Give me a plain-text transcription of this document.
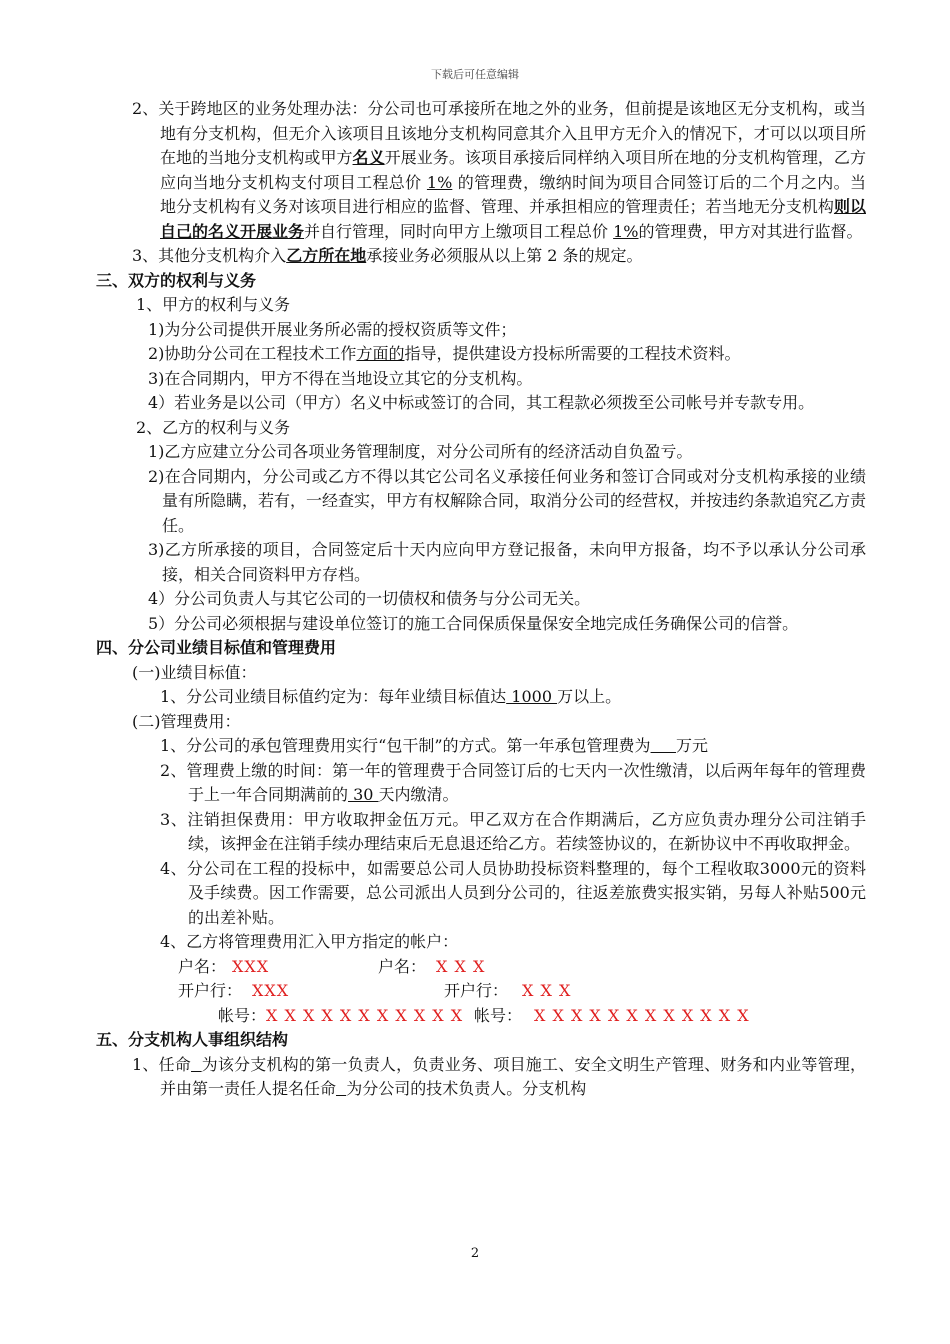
下载后可任意编辑
2、关于跨地区的业务处理办法：分公司也可承接所在地之外的业务，但前提是该地区无分支机构，或当地有分支机构，但无介入该项目且该地分支机构同意其介入且甲方无介入的情况下，才可以以项目所在地的当地分支机构或甲方名义开展业务。该项目承接后同样纳入项目所在地的分支机构管理，乙方应向当地分支机构支付项目工程总价 1% 的管理费，缴纳时间为项目合同签订后的二个月之内。当地分支机构有义务对该项目进行相应的监督、管理、并承担相应的管理责任；若当地无分支机构则以自己的名义开展业务并自行管理，同时向甲方上缴项目工程总价 1%的管理费，甲方对其进行监督。
3、其他分支机构介入乙方所在地承接业务必须服从以上第 2 条的规定。
三、双方的权利与义务
1、甲方的权利与义务
1)为分公司提供开展业务所必需的授权资质等文件；
2)协助分公司在工程技术工作方面的指导，提供建设方投标所需要的工程技术资料。
3)在合同期内，甲方不得在当地设立其它的分支机构。
4）若业务是以公司（甲方）名义中标或签订的合同，其工程款必须拨至公司帐号并专款专用。
2、乙方的权利与义务
1)乙方应建立分公司各项业务管理制度，对分公司所有的经济活动自负盈亏。
2)在合同期内，分公司或乙方不得以其它公司名义承接任何业务和签订合同或对分支机构承接的业绩量有所隐瞒，若有，一经查实，甲方有权解除合同，取消分公司的经营权，并按违约条款追究乙方责任。
3)乙方所承接的项目，合同签定后十天内应向甲方登记报备，未向甲方报备，均不予以承认分公司承接，相关合同资料甲方存档。
4）分公司负责人与其它公司的一切债权和债务与分公司无关。
5）分公司必须根据与建设单位签订的施工合同保质保量保安全地完成任务确保公司的信誉。
四、分公司业绩目标值和管理费用
(一)业绩目标值：
1、分公司业绩目标值约定为：每年业绩目标值达 1000 万以上。
(二)管理费用：
1、分公司的承包管理费用实行“包干制”的方式。第一年承包管理费为 万元
2、管理费上缴的时间：第一年的管理费于合同签订后的七天内一次性缴清，以后两年每年的管理费于上一年合同期满前的 30 天内缴清。
3、注销担保费用：甲方收取押金伍万元。甲乙双方在合作期满后，乙方应负责办理分公司注销手续，该押金在注销手续办理结束后无息退还给乙方。若续签协议的，在新协议中不再收取押金。
4、分公司在工程的投标中，如需要总公司人员协助投标资料整理的，每个工程收取3000元的资料及手续费。因工作需要，总公司派出人员到分公司的，往返差旅费实报实销，另每人补贴500元的出差补贴。
4、乙方将管理费用汇入甲方指定的帐户：
户名： XXX	户名： X X X
开户行： XXX	开户行： X X X
帐号： X X X X X X X X X X X 帐号： X X X X X X X X X X X X
五、分支机构人事组织结构
1、任命 为该分支机构的第一负责人，负责业务、项目施工、安全文明生产管理、财务和内业等管理，并由第一责任人提名任命 为分公司的技术负责人。分支机构
2
